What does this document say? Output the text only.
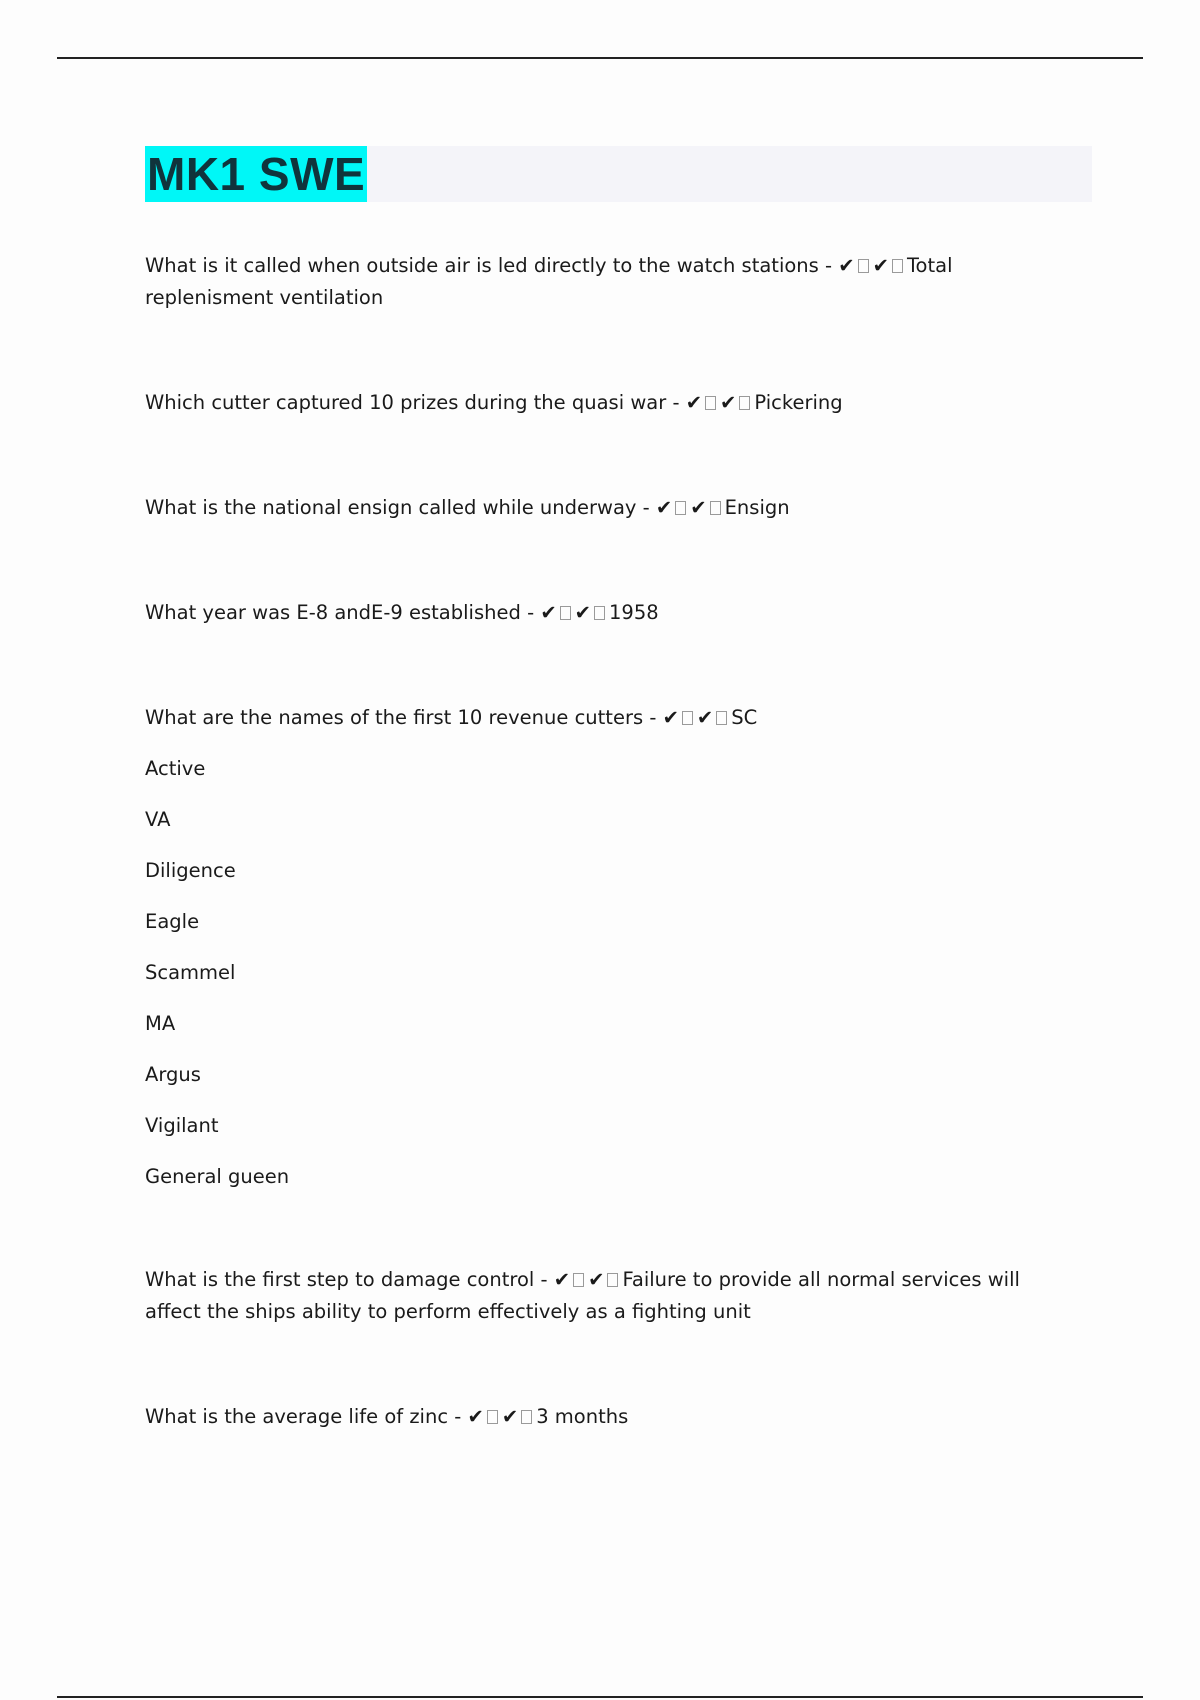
MK1 SWE
What is it called when outside air is led directly to the watch stations - ✔ ✔ Total replenisment ventilation
Which cutter captured 10 prizes during the quasi war - ✔ ✔ Pickering
What is the national ensign called while underway - ✔ ✔ Ensign
What year was E-8 andE-9 established - ✔ ✔ 1958
What are the names of the first 10 revenue cutters - ✔ ✔ SC
Active
VA
Diligence
Eagle
Scammel
MA
Argus
Vigilant
General gueen
What is the first step to damage control - ✔ ✔ Failure to provide all normal services will affect the ships ability to perform effectively as a fighting unit
What is the average life of zinc - ✔ ✔ 3 months
